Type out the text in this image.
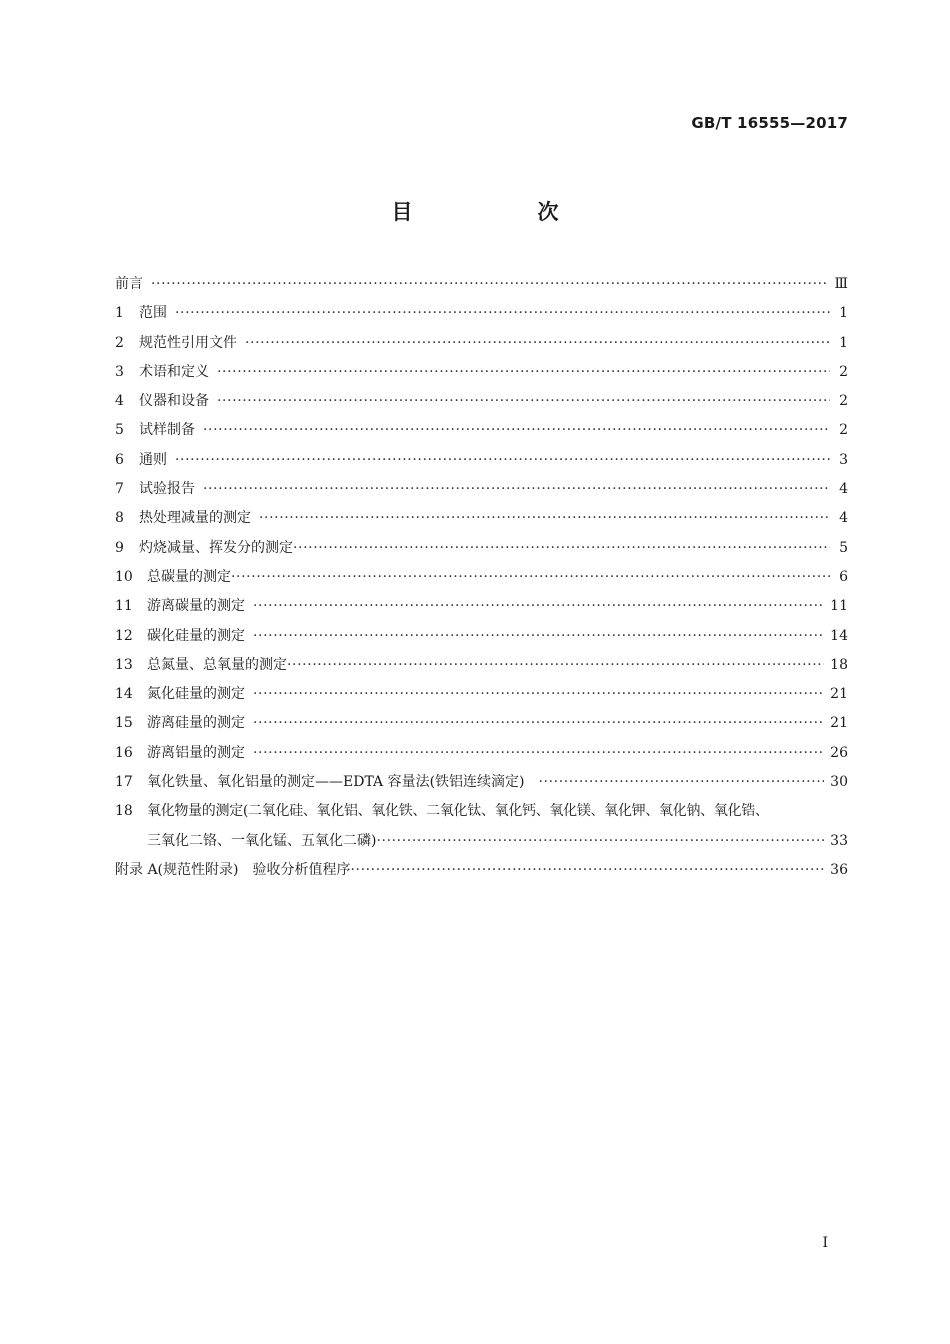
GB/T 16555—2017
目　次
前言 ·····	Ⅲ
1	范围 ·····	1
2	规范性引用文件 ·····	1
3	术语和定义 ·····	2
4	仪器和设备 ·····	2
5	试样制备 ·····	2
6	通则 ·····	3
7	试验报告 ·····	4
8	热处理减量的测定 ·····	4
9	灼烧减量、挥发分的测定 ·····	5
10	总碳量的测定 ·····	6
11	游离碳量的测定 ·····	11
12	碳化硅量的测定 ·····	14
13	总氮量、总氧量的测定 ·····	18
14	氮化硅量的测定 ·····	21
15	游离硅量的测定 ·····	21
16	游离铝量的测定 ·····	26
17	氧化铁量、氧化铝量的测定——EDTA 容量法(铁铝连续滴定) ·····	30
18	氧化物量的测定(二氧化硅、氧化铝、氧化铁、二氧化钛、氧化钙、氧化镁、氧化钾、氧化钠、氧化锆、
三氧化二铬、一氧化锰、五氧化二磷) ·····	33
附录 A(规范性附录)　验收分析值程序 ·····	36
I
